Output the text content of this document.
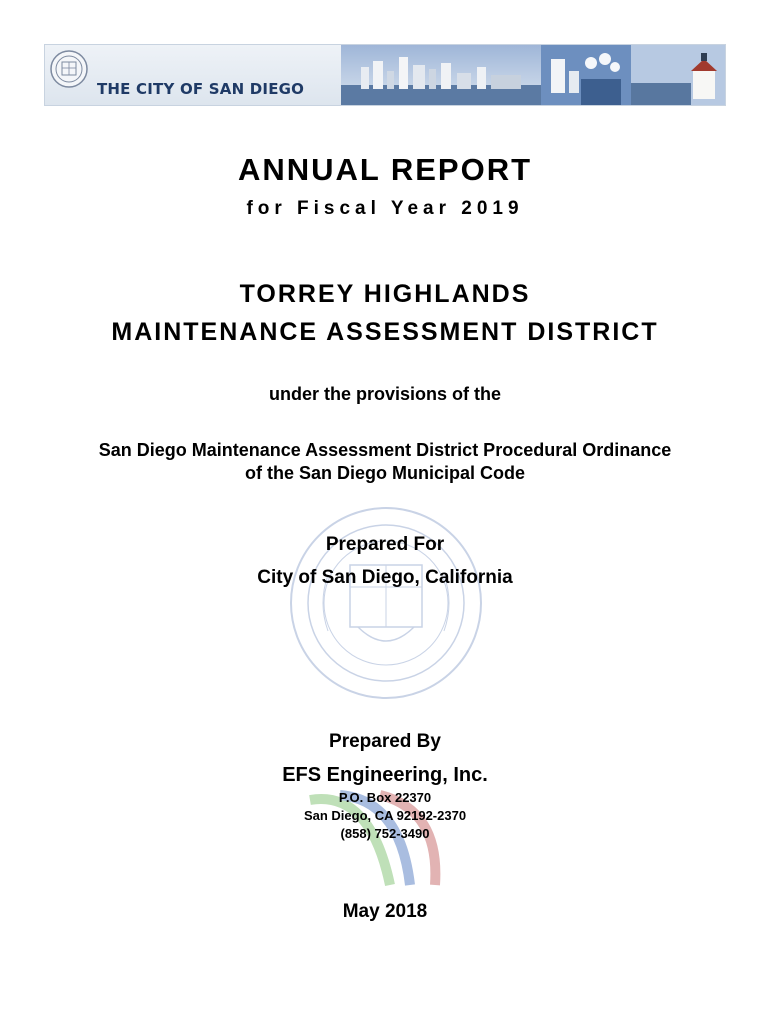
THE CITY OF SAN DIEGO
ANNUAL REPORT
for Fiscal Year 2019
TORREY HIGHLANDS
MAINTENANCE ASSESSMENT DISTRICT
under the provisions of the
San Diego Maintenance Assessment District Procedural Ordinance
of the San Diego Municipal Code
Prepared For
City of San Diego, California
Prepared By
EFS Engineering, Inc.
P.O. Box 22370
San Diego, CA 92192-2370
(858) 752-3490
May 2018
